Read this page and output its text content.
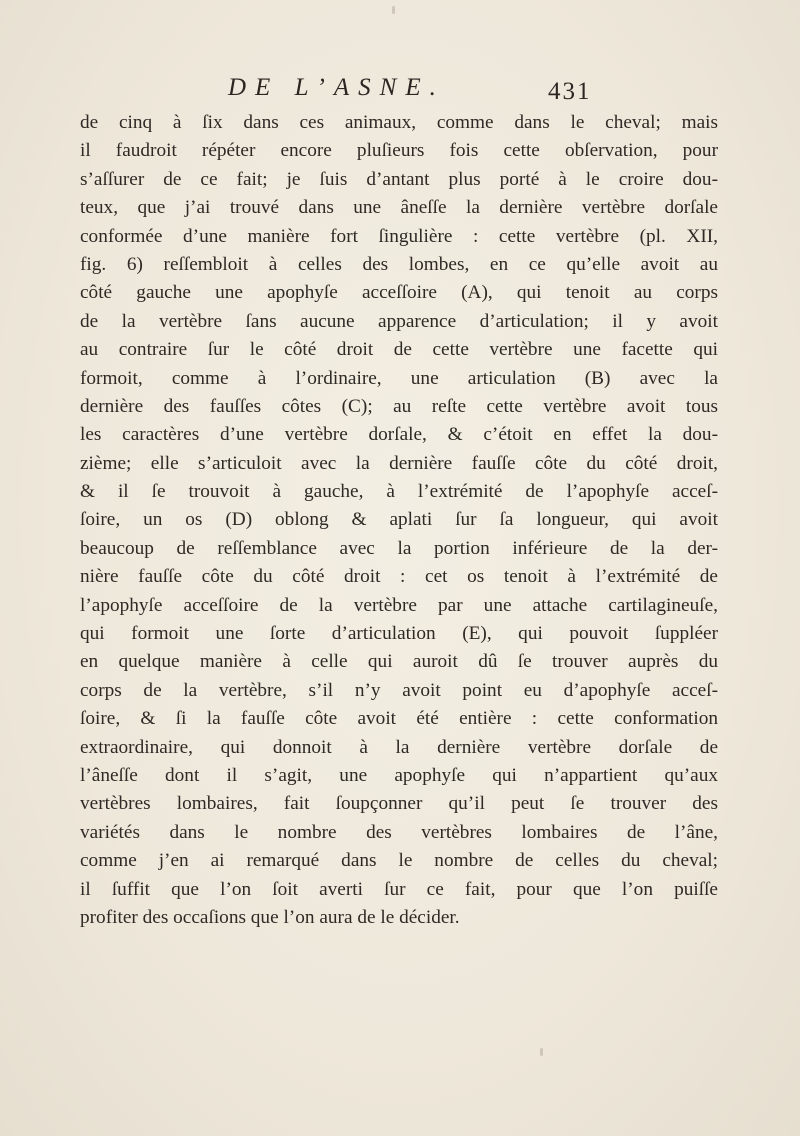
DE L’ASNE.	431
de cinq à ſix dans ces animaux, comme dans le cheval; mais
il faudroit répéter encore pluſieurs fois cette obſervation, pour
s’aſſurer de ce fait; je ſuis d’antant plus porté à le croire dou-
teux, que j’ai trouvé dans une âneſſe la dernière vertèbre dorſale
conformée d’une manière fort ſingulière : cette vertèbre (pl. XII,
fig. 6) reſſembloit à celles des lombes, en ce qu’elle avoit au
côté gauche une apophyſe acceſſoire (A), qui tenoit au corps
de la vertèbre ſans aucune apparence d’articulation; il y avoit
au contraire ſur le côté droit de cette vertèbre une facette qui
formoit, comme à l’ordinaire, une articulation (B) avec la
dernière des fauſſes côtes (C); au reſte cette vertèbre avoit tous
les caractères d’une vertèbre dorſale, & c’étoit en effet la dou-
zième; elle s’articuloit avec la dernière fauſſe côte du côté droit,
& il ſe trouvoit à gauche, à l’extrémité de l’apophyſe acceſ-
ſoire, un os (D) oblong & aplati ſur ſa longueur, qui avoit
beaucoup de reſſemblance avec la portion inférieure de la der-
nière fauſſe côte du côté droit : cet os tenoit à l’extrémité de
l’apophyſe acceſſoire de la vertèbre par une attache cartilagineuſe,
qui formoit une ſorte d’articulation (E), qui pouvoit ſuppléer
en quelque manière à celle qui auroit dû ſe trouver auprès du
corps de la vertèbre, s’il n’y avoit point eu d’apophyſe acceſ-
ſoire, & ſi la fauſſe côte avoit été entière : cette conformation
extraordinaire, qui donnoit à la dernière vertèbre dorſale de
l’âneſſe dont il s’agit, une apophyſe qui n’appartient qu’aux
vertèbres lombaires, fait ſoupçonner qu’il peut ſe trouver des
variétés dans le nombre des vertèbres lombaires de l’âne,
comme j’en ai remarqué dans le nombre de celles du cheval;
il ſuffit que l’on ſoit averti ſur ce fait, pour que l’on puiſſe
profiter des occaſions que l’on aura de le décider.
